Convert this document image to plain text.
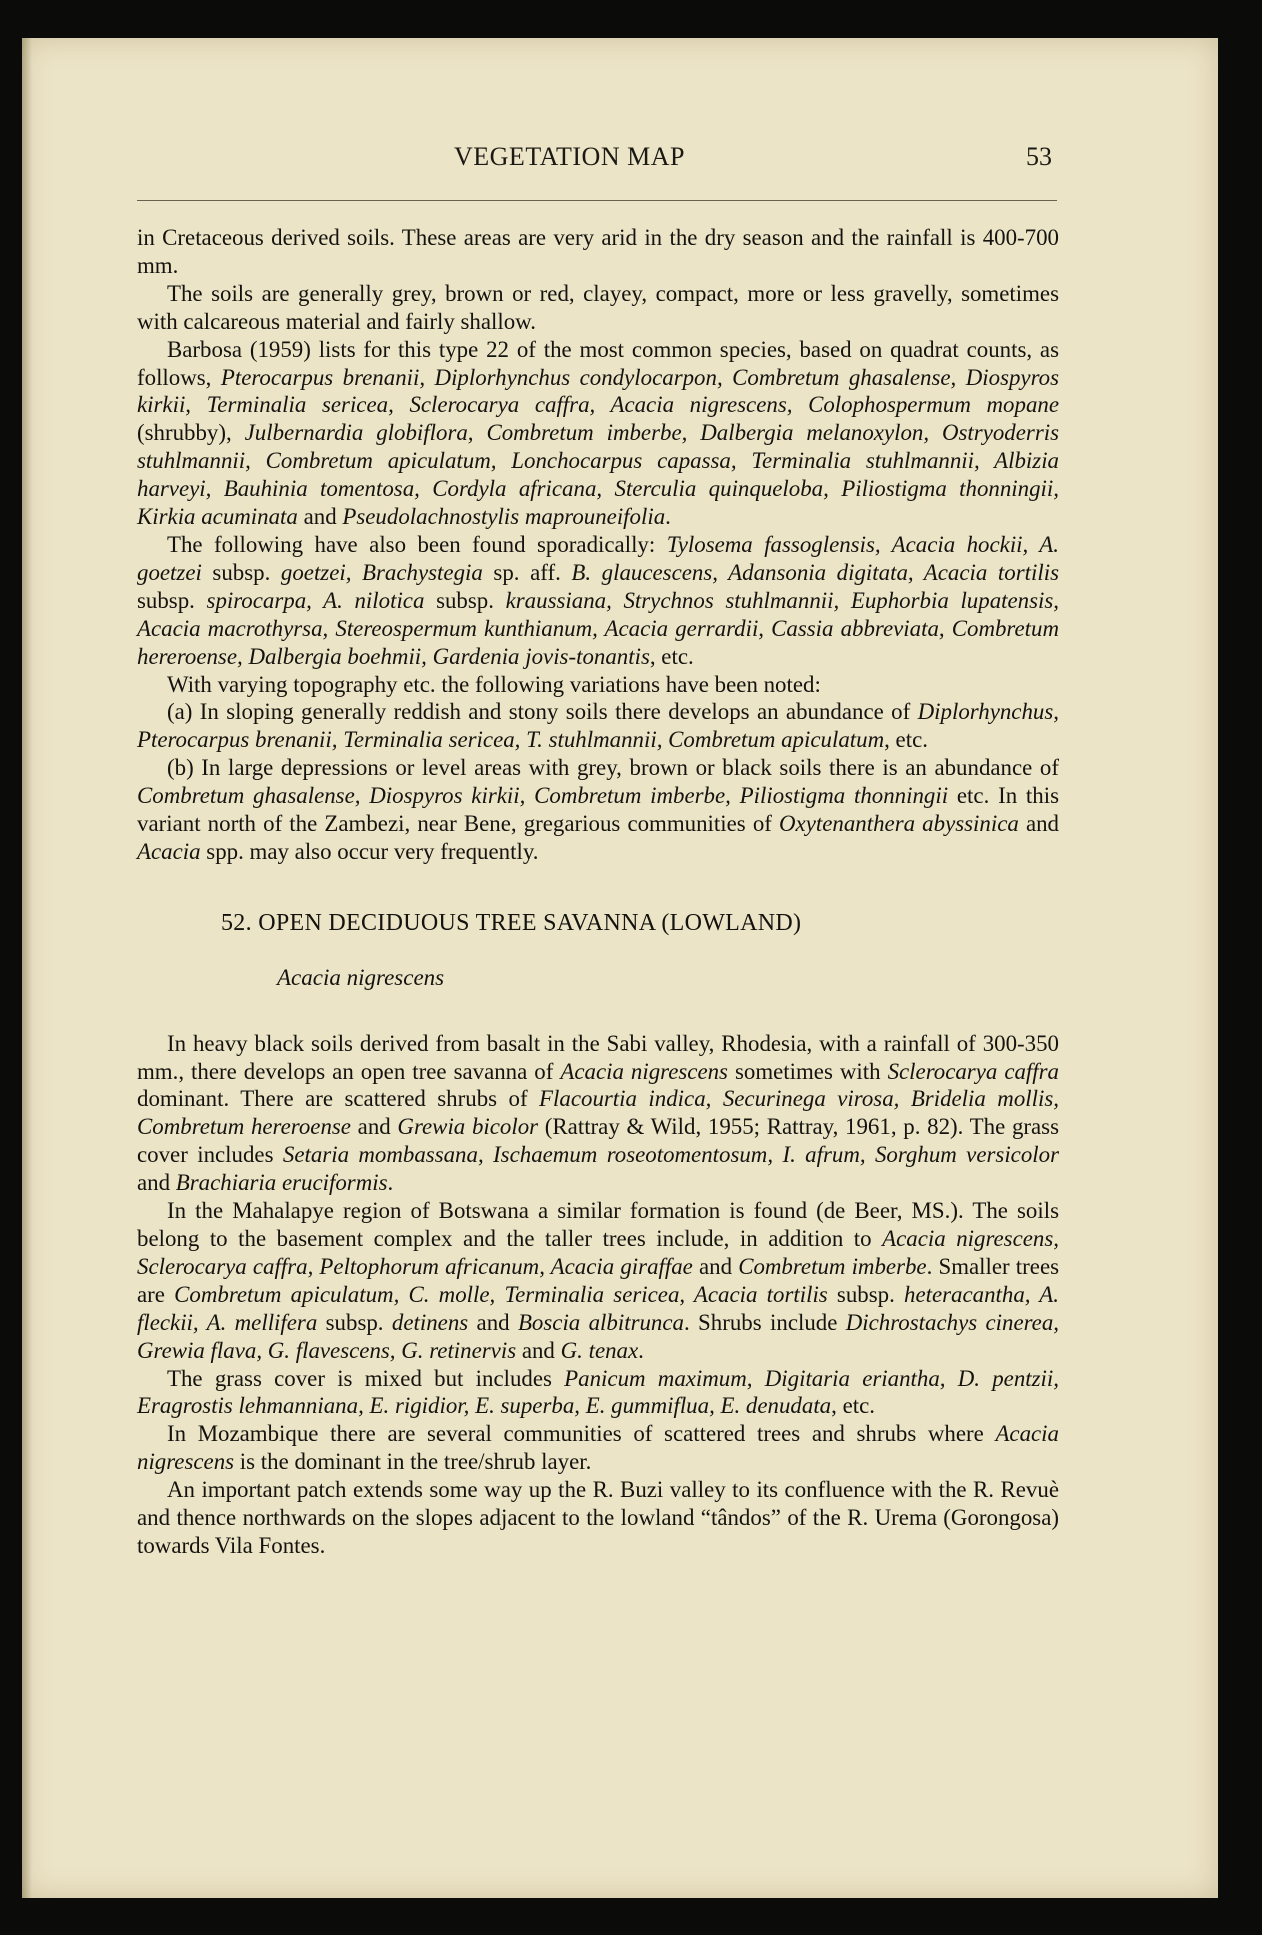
VEGETATION MAP	53

in Cretaceous derived soils. These areas are very arid in the dry season and the rainfall is 400-700 mm.

The soils are generally grey, brown or red, clayey, compact, more or less gravelly, sometimes with calcareous material and fairly shallow.

Barbosa (1959) lists for this type 22 of the most common species, based on quadrat counts, as follows, Pterocarpus brenanii, Diplorhynchus condylocarpon, Combretum ghasalense, Diospyros kirkii, Terminalia sericea, Sclerocarya caffra, Acacia nigrescens, Colophospermum mopane (shrubby), Julbernardia globiflora, Combretum imberbe, Dalbergia melanoxylon, Ostryoderris stuhlmannii, Combretum apiculatum, Lonchocarpus capassa, Terminalia stuhlmannii, Albizia harveyi, Bauhinia tomentosa, Cordyla africana, Sterculia quinqueloba, Piliostigma thonningii, Kirkia acuminata and Pseudolachnostylis maprouneifolia.

The following have also been found sporadically: Tylosema fassoglensis, Acacia hockii, A. goetzei subsp. goetzei, Brachystegia sp. aff. B. glaucescens, Adansonia digitata, Acacia tortilis subsp. spirocarpa, A. nilotica subsp. kraussiana, Strychnos stuhlmannii, Euphorbia lupatensis, Acacia macrothyrsa, Stereospermum kunthianum, Acacia gerrardii, Cassia abbreviata, Combretum hereroense, Dalbergia boehmii, Gardenia jovis-tonantis, etc.

With varying topography etc. the following variations have been noted:

(a) In sloping generally reddish and stony soils there develops an abundance of Diplorhynchus, Pterocarpus brenanii, Terminalia sericea, T. stuhlmannii, Combretum apiculatum, etc.

(b) In large depressions or level areas with grey, brown or black soils there is an abundance of Combretum ghasalense, Diospyros kirkii, Combretum imberbe, Piliostigma thonningii etc. In this variant north of the Zambezi, near Bene, gregarious communities of Oxytenanthera abyssinica and Acacia spp. may also occur very frequently.

52. OPEN DECIDUOUS TREE SAVANNA (LOWLAND)
Acacia nigrescens

In heavy black soils derived from basalt in the Sabi valley, Rhodesia, with a rainfall of 300-350 mm., there develops an open tree savanna of Acacia nigrescens sometimes with Sclerocarya caffra dominant. There are scattered shrubs of Flacourtia indica, Securinega virosa, Bridelia mollis, Combretum hereroense and Grewia bicolor (Rattray & Wild, 1955; Rattray, 1961, p. 82). The grass cover includes Setaria mombassana, Ischaemum roseotomentosum, I. afrum, Sorghum versicolor and Brachiaria eruciformis.

In the Mahalapye region of Botswana a similar formation is found (de Beer, MS.). The soils belong to the basement complex and the taller trees include, in addition to Acacia nigrescens, Sclerocarya caffra, Peltophorum africanum, Acacia giraffae and Combretum imberbe. Smaller trees are Combretum apiculatum, C. molle, Terminalia sericea, Acacia tortilis subsp. heteracantha, A. fleckii, A. mellifera subsp. detinens and Boscia albitrunca. Shrubs include Dichrostachys cinerea, Grewia flava, G. flavescens, G. retinervis and G. tenax.

The grass cover is mixed but includes Panicum maximum, Digitaria eriantha, D. pentzii, Eragrostis lehmanniana, E. rigidior, E. superba, E. gummiflua, E. denudata, etc.

In Mozambique there are several communities of scattered trees and shrubs where Acacia nigrescens is the dominant in the tree/shrub layer.

An important patch extends some way up the R. Buzi valley to its confluence with the R. Revuè and thence northwards on the slopes adjacent to the lowland “tândos” of the R. Urema (Gorongosa) towards Vila Fontes.
